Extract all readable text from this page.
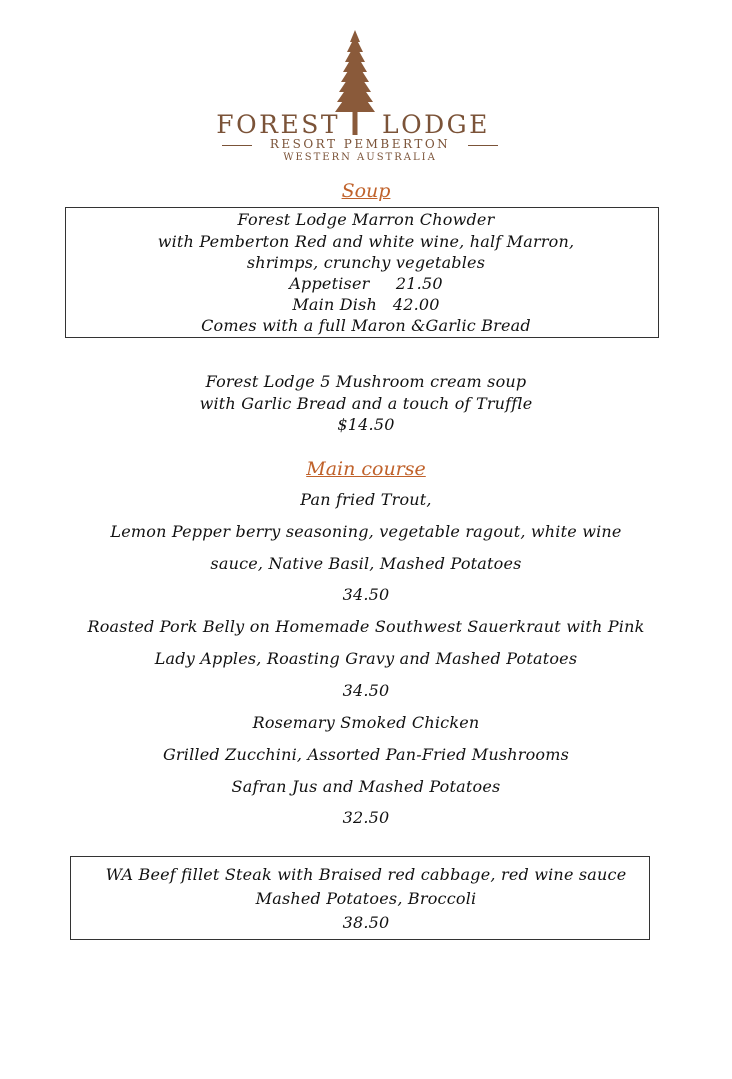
FOREST LODGE
RESORT PEMBERTON
WESTERN AUSTRALIA
Soup
Forest Lodge Marron Chowder
with Pemberton Red and white wine, half Marron,
shrimps, crunchy vegetables
Appetiser     21.50
Main Dish   42.00
Comes with a full Maron &Garlic Bread
Forest Lodge 5 Mushroom cream soup
with Garlic Bread and a touch of Truffle
$14.50
Main course
Pan fried Trout,
Lemon Pepper berry seasoning, vegetable ragout, white wine
sauce, Native Basil, Mashed Potatoes
34.50
Roasted Pork Belly on Homemade Southwest Sauerkraut with Pink
Lady Apples, Roasting Gravy and Mashed Potatoes
34.50
Rosemary Smoked Chicken
Grilled Zucchini, Assorted Pan-Fried Mushrooms
Safran Jus and Mashed Potatoes
32.50
WA Beef fillet Steak with Braised red cabbage, red wine sauce
Mashed Potatoes, Broccoli
38.50
